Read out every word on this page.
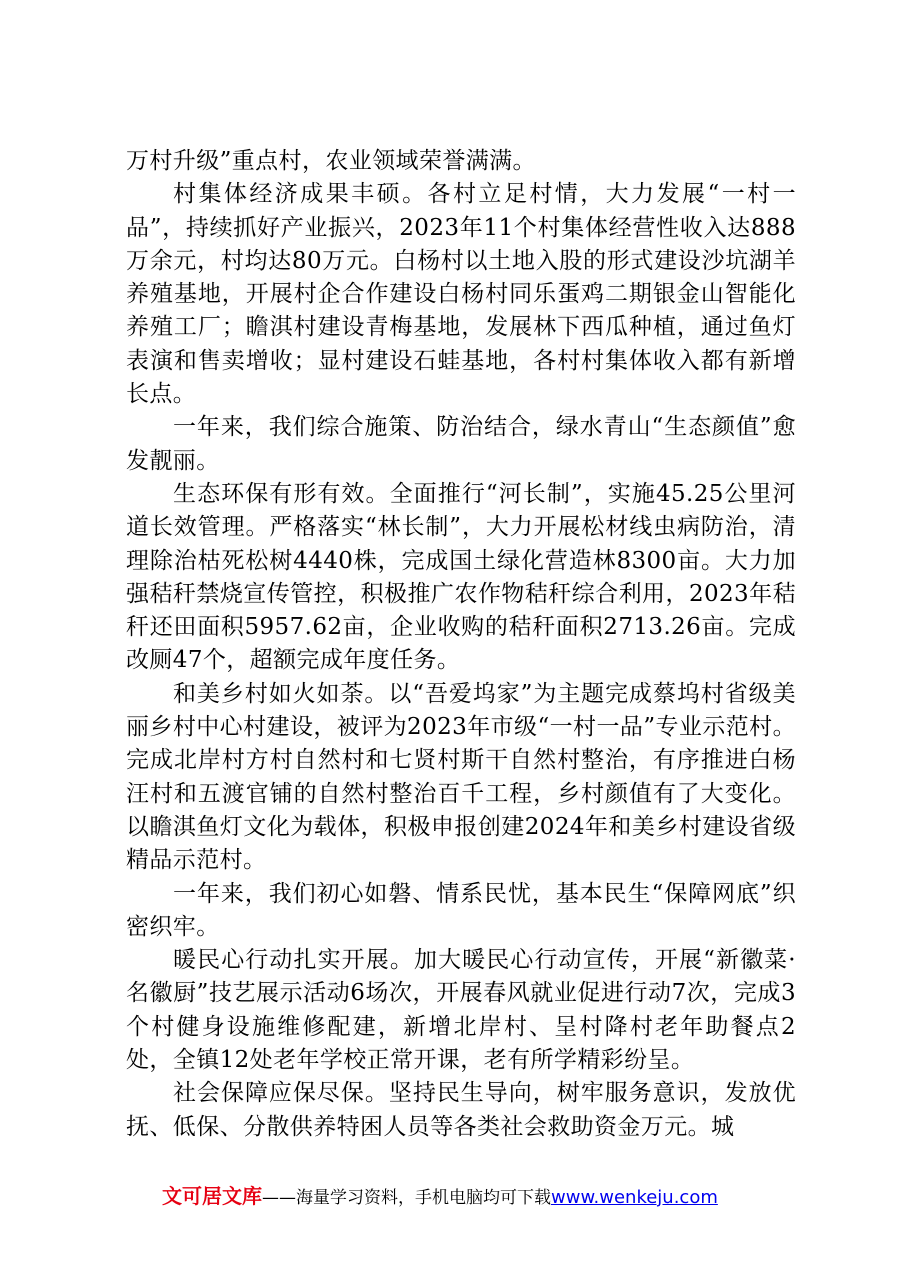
万村升级”重点村，农业领域荣誉满满。

村集体经济成果丰硕。各村立足村情，大力发展“一村一品”，持续抓好产业振兴，2023年11个村集体经营性收入达888万余元，村均达80万元。白杨村以土地入股的形式建设沙坑湖羊养殖基地，开展村企合作建设白杨村同乐蛋鸡二期银金山智能化养殖工厂；瞻淇村建设青梅基地，发展林下西瓜种植，通过鱼灯表演和售卖增收；显村建设石蛙基地，各村村集体收入都有新增长点。

一年来，我们综合施策、防治结合，绿水青山“生态颜值”愈发靓丽。

生态环保有形有效。全面推行“河长制”，实施45.25公里河道长效管理。严格落实“林长制”，大力开展松材线虫病防治，清理除治枯死松树4440株，完成国土绿化营造林8300亩。大力加强秸秆禁烧宣传管控，积极推广农作物秸秆综合利用，2023年秸秆还田面积5957.62亩，企业收购的秸秆面积2713.26亩。完成改厕47个，超额完成年度任务。

和美乡村如火如荼。以“吾爱坞家”为主题完成蔡坞村省级美丽乡村中心村建设，被评为2023年市级“一村一品”专业示范村。完成北岸村方村自然村和七贤村斯干自然村整治，有序推进白杨汪村和五渡官铺的自然村整治百千工程，乡村颜值有了大变化。以瞻淇鱼灯文化为载体，积极申报创建2024年和美乡村建设省级精品示范村。

一年来，我们初心如磐、情系民忧，基本民生“保障网底”织密织牢。

暖民心行动扎实开展。加大暖民心行动宣传，开展“新徽菜·名徽厨”技艺展示活动6场次，开展春风就业促进行动7次，完成3个村健身设施维修配建，新增北岸村、呈村降村老年助餐点2处，全镇12处老年学校正常开课，老有所学精彩纷呈。

社会保障应保尽保。坚持民生导向，树牢服务意识，发放优抚、低保、分散供养特困人员等各类社会救助资金万元。城

文可居文库——海量学习资料，手机电脑均可下载www.wenkeju.com
